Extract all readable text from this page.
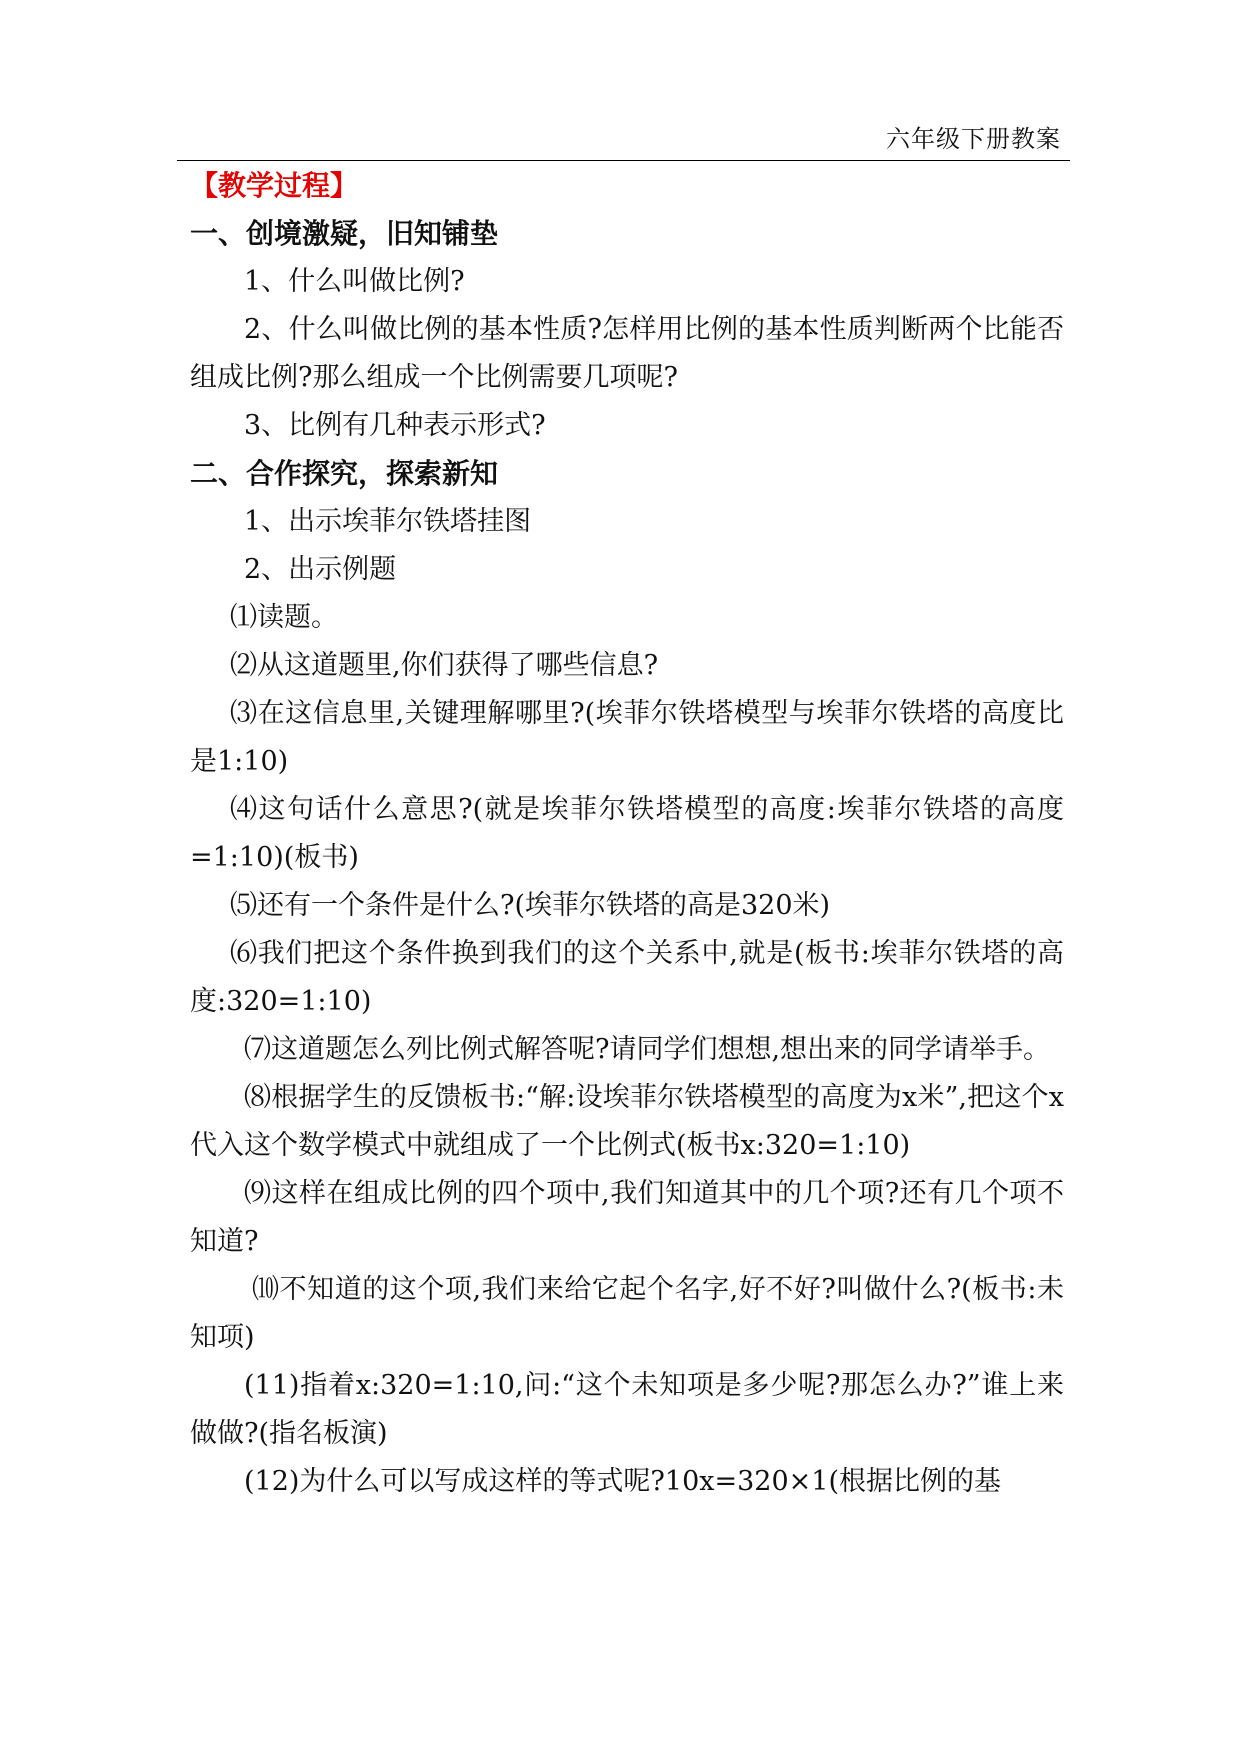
六年级下册教案

【教学过程】

一、创境激疑，旧知铺垫

1、什么叫做比例?

2、什么叫做比例的基本性质?怎样用比例的基本性质判断两个比能否组成比例?那么组成一个比例需要几项呢?

3、比例有几种表示形式?

二、合作探究，探索新知

1、出示埃菲尔铁塔挂图

2、出示例题

⑴读题。

⑵从这道题里,你们获得了哪些信息?

⑶在这信息里,关键理解哪里?(埃菲尔铁塔模型与埃菲尔铁塔的高度比是1:10)

⑷这句话什么意思?(就是埃菲尔铁塔模型的高度:埃菲尔铁塔的高度=1:10)(板书)

⑸还有一个条件是什么?(埃菲尔铁塔的高是320米)

⑹我们把这个条件换到我们的这个关系中,就是(板书:埃菲尔铁塔的高度:320=1:10)

⑺这道题怎么列比例式解答呢?请同学们想想,想出来的同学请举手。

⑻根据学生的反馈板书:“解:设埃菲尔铁塔模型的高度为x米”,把这个x代入这个数学模式中就组成了一个比例式(板书x:320=1:10)

⑼这样在组成比例的四个项中,我们知道其中的几个项?还有几个项不知道?

⑽不知道的这个项,我们来给它起个名字,好不好?叫做什么?(板书:未知项)

(11)指着x:320=1:10,问:“这个未知项是多少呢?那怎么办?”谁上来做做?(指名板演)

(12)为什么可以写成这样的等式呢?10x=320×1(根据比例的基
